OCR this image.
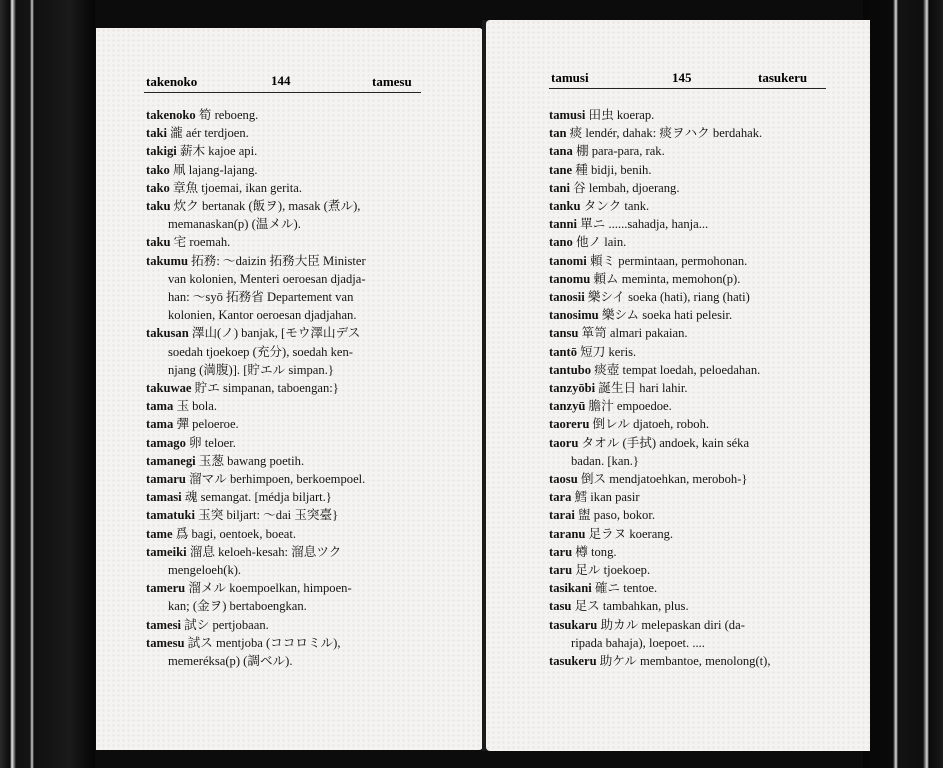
takenoko	144	tamesu
takenoko 筍 reboeng.
taki 瀧 aér terdjoen.
takigi 薪木 kajoe api.
tako 凧 lajang-lajang.
tako 章魚 tjoemai, ikan gerita.
taku 炊ク bertanak (飯ヲ), masak (煮ル),
memanaskan(p) (温メル).
taku 宅 roemah.
takumu 拓務: ～daizin 拓務大臣 Minister
van kolonien, Menteri oeroesan djadja-
han: ～syō 拓務省 Departement van
kolonien, Kantor oeroesan djadjahan.
takusan 澤山(ノ) banjak, [モウ澤山デス
soedah tjoekoep (充分), soedah ken-
njang (満腹)]. [貯エル simpan.}
takuwae 貯エ simpanan, taboengan:}
tama 玉 bola.
tama 彈 peloeroe.
tamago 卵 teloer.
tamanegi 玉葱 bawang poetih.
tamaru 溜マル berhimpoen, berkoempoel.
tamasi 魂 semangat. [médja biljart.}
tamatuki 玉突 biljart: ～dai 玉突臺}
tame 爲 bagi, oentoek, boeat.
tameiki 溜息 keloeh-kesah: 溜息ツク
mengeloeh(k).
tameru 溜メル koempoelkan, himpoen-
kan; (金ヲ) bertaboengkan.
tamesi 試シ pertjobaan.
tamesu 試ス mentjoba (ココロミル),
memeréksa(p) (調ベル).
tamusi	145	tasukeru
tamusi 田虫 koerap.
tan 痰 lendér, dahak: 痰ヲハク berdahak.
tana 棚 para-para, rak.
tane 種 bidji, benih.
tani 谷 lembah, djoerang.
tanku タンク tank.
tanni 單ニ ......sahadja, hanja...
tano 他ノ lain.
tanomi 頼ミ permintaan, permohonan.
tanomu 頼ム meminta, memohon(p).
tanosii 樂シイ soeka (hati), riang (hati)
tanosimu 樂シム soeka hati pelesir.
tansu 箪笥 almari pakaian.
tantō 短刀 keris.
tantubo 痰壺 tempat loedah, peloedahan.
tanzyōbi 誕生日 hari lahir.
tanzyū 膽汁 empoedoe.
taoreru 倒レル djatoeh, roboh.
taoru タオル (手拭) andoek, kain séka
badan. [kan.}
taosu 倒ス mendjatoehkan, meroboh-}
tara 鱈 ikan pasir
tarai 盥 paso, bokor.
taranu 足ラヌ koerang.
taru 樽 tong.
taru 足ル tjoekoep.
tasikani 確ニ tentoe.
tasu 足ス tambahkan, plus.
tasukaru 助カル melepaskan diri (da-
ripada bahaja), loepoet. ....
tasukeru 助ケル membantoe, menolong(t),
